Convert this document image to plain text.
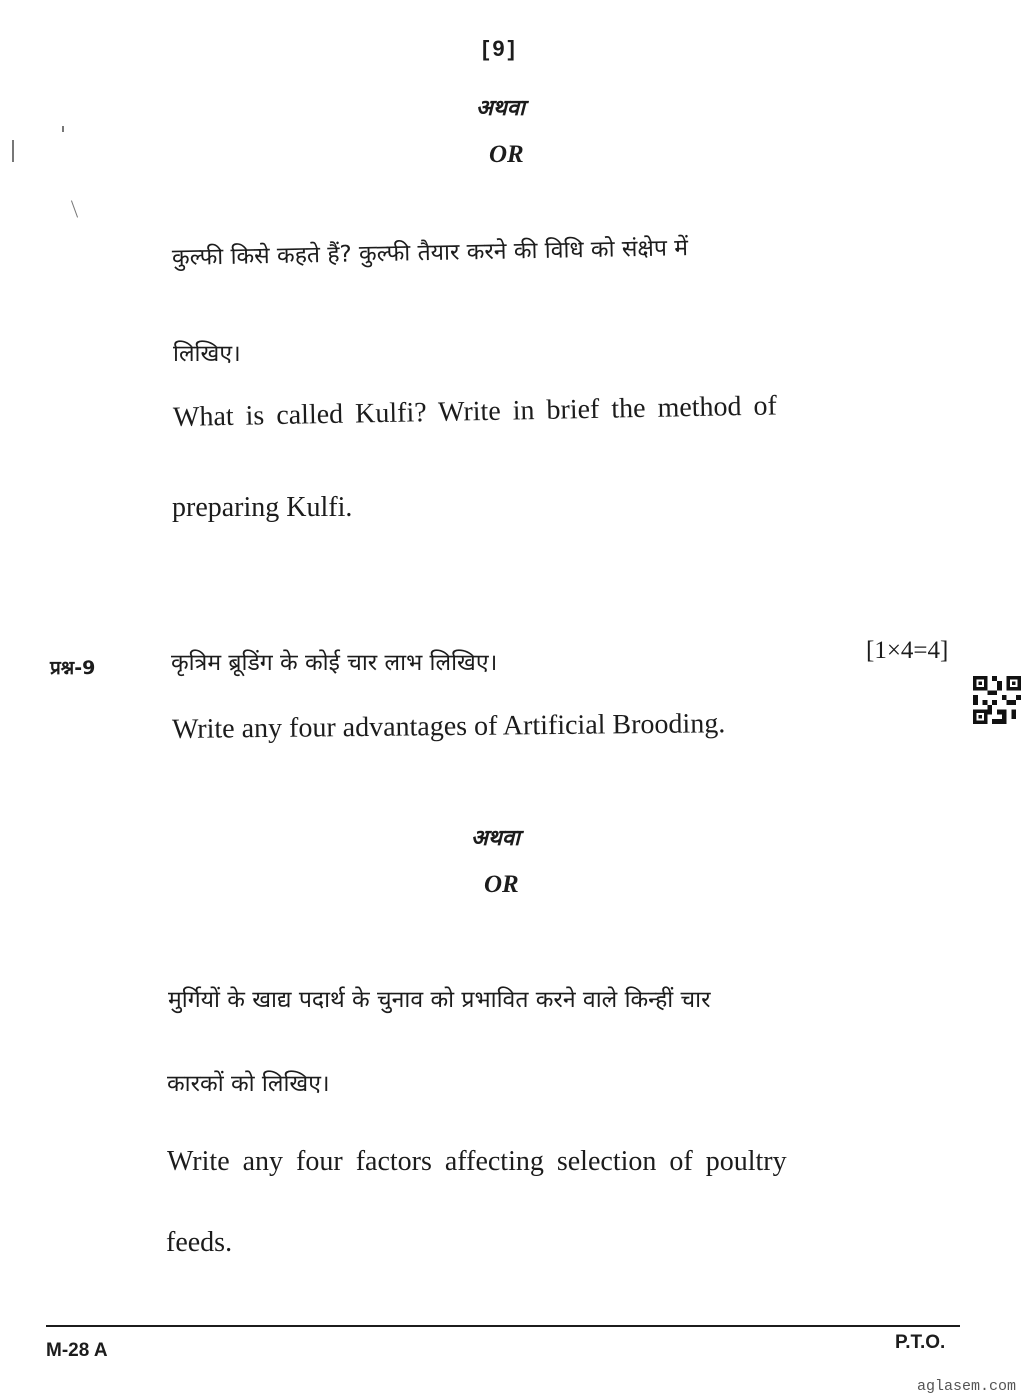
[9]
अथवा
OR
कुल्फी किसे कहते हैं? कुल्फी तैयार करने की विधि को संक्षेप में
लिखिए।
What is called Kulfi? Write in brief the method of
preparing Kulfi.
प्रश्न-9	कृत्रिम ब्रूडिंग के कोई चार लाभ लिखिए।	[1×4=4]
Write any four advantages of Artificial Brooding.
अथवा
OR
मुर्गियों के खाद्य पदार्थ के चुनाव को प्रभावित करने वाले किन्हीं चार
कारकों को लिखिए।
Write any four factors affecting selection of poultry
feeds.
M-28 A	P.T.O.
aglasem.com
